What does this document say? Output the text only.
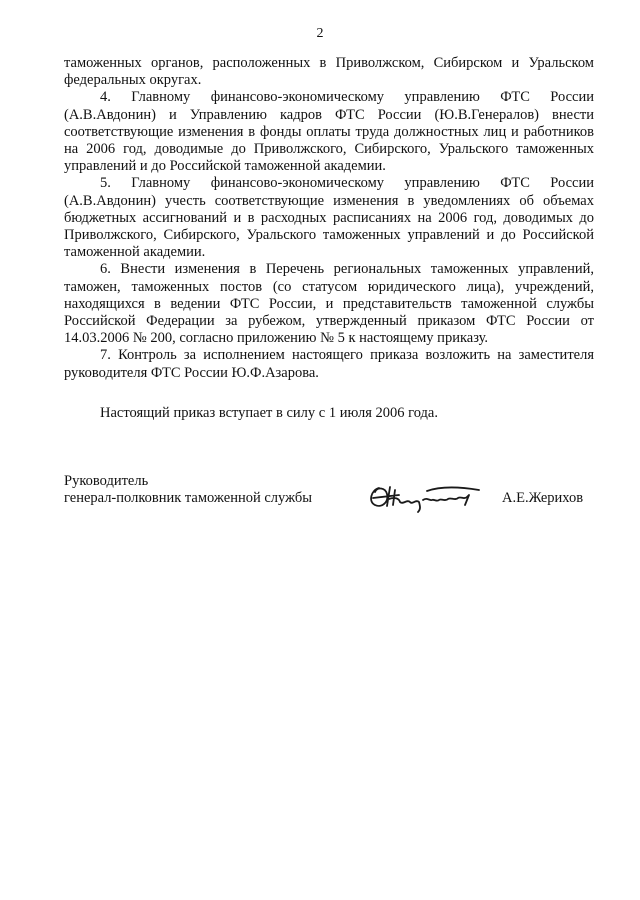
2

таможенных органов, расположенных в Приволжском, Сибирском и Уральском федеральных округах.

4. Главному финансово-экономическому управлению ФТС России (А.В.Авдонин) и Управлению кадров ФТС России (Ю.В.Генералов) внести соответствующие изменения в фонды оплаты труда должностных лиц и работников на 2006 год, доводимые до Приволжского, Сибирского, Уральского таможенных управлений и до Российской таможенной академии.

5. Главному финансово-экономическому управлению ФТС России (А.В.Авдонин) учесть соответствующие изменения в уведомлениях об объемах бюджетных ассигнований и в расходных расписаниях на 2006 год, доводимых до Приволжского, Сибирского, Уральского таможенных управлений и до Российской таможенной академии.

6. Внести изменения в Перечень региональных таможенных управлений, таможен, таможенных постов (со статусом юридического лица), учреждений, находящихся в ведении ФТС России, и представительств таможенной службы Российской Федерации за рубежом, утвержденный приказом ФТС России от 14.03.2006 № 200, согласно приложению № 5 к настоящему приказу.

7. Контроль за исполнением настоящего приказа возложить на заместителя руководителя ФТС России Ю.Ф.Азарова.

Настоящий приказ вступает в силу с 1 июля 2006 года.
Руководитель
генерал-полковник таможенной службы	А.Е.Жерихов
